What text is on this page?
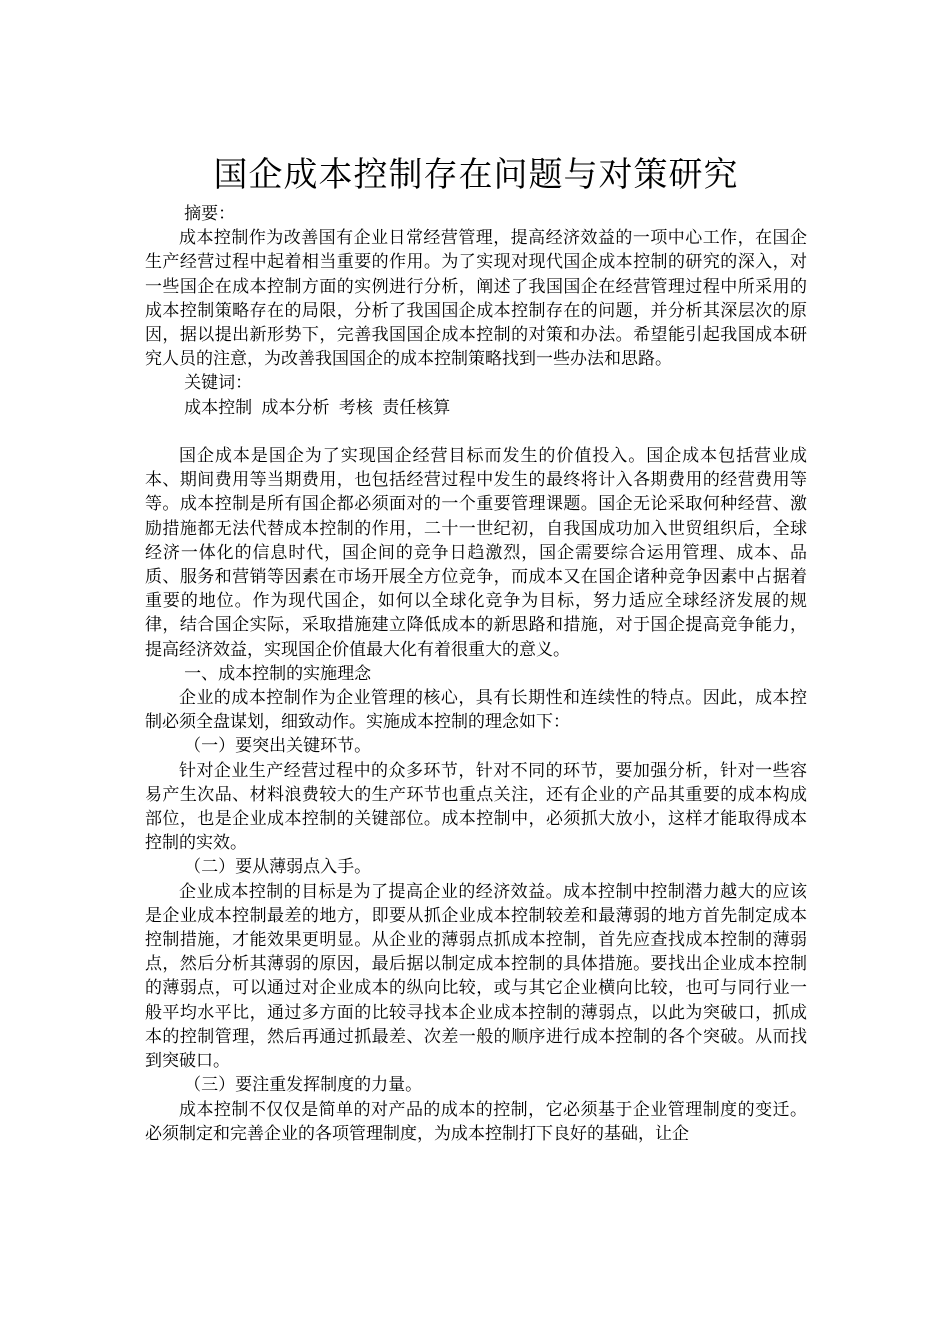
国企成本控制存在问题与对策研究

摘要：

成本控制作为改善国有企业日常经营管理，提高经济效益的一项中心工作，在国企生产经营过程中起着相当重要的作用。为了实现对现代国企成本控制的研究的深入，对一些国企在成本控制方面的实例进行分析，阐述了我国国企在经营管理过程中所采用的成本控制策略存在的局限，分析了我国国企成本控制存在的问题，并分析其深层次的原因，据以提出新形势下，完善我国国企成本控制的对策和办法。希望能引起我国成本研究人员的注意，为改善我国国企的成本控制策略找到一些办法和思路。

关键词：

成本控制 成本分析 考核 责任核算

国企成本是国企为了实现国企经营目标而发生的价值投入。国企成本包括营业成本、期间费用等当期费用，也包括经营过程中发生的最终将计入各期费用的经营费用等等。成本控制是所有国企都必须面对的一个重要管理课题。国企无论采取何种经营、激励措施都无法代替成本控制的作用，二十一世纪初，自我国成功加入世贸组织后，全球经济一体化的信息时代，国企间的竞争日趋激烈，国企需要综合运用管理、成本、品质、服务和营销等因素在市场开展全方位竞争，而成本又在国企诸种竞争因素中占据着重要的地位。作为现代国企，如何以全球化竞争为目标，努力适应全球经济发展的规律，结合国企实际，采取措施建立降低成本的新思路和措施，对于国企提高竞争能力，提高经济效益，实现国企价值最大化有着很重大的意义。

一、成本控制的实施理念

企业的成本控制作为企业管理的核心，具有长期性和连续性的特点。因此，成本控制必须全盘谋划，细致动作。实施成本控制的理念如下：

（一）要突出关键环节。

针对企业生产经营过程中的众多环节，针对不同的环节，要加强分析，针对一些容易产生次品、材料浪费较大的生产环节也重点关注，还有企业的产品其重要的成本构成部位，也是企业成本控制的关键部位。成本控制中，必须抓大放小，这样才能取得成本控制的实效。

（二）要从薄弱点入手。

企业成本控制的目标是为了提高企业的经济效益。成本控制中控制潜力越大的应该是企业成本控制最差的地方，即要从抓企业成本控制较差和最薄弱的地方首先制定成本控制措施，才能效果更明显。从企业的薄弱点抓成本控制，首先应查找成本控制的薄弱点，然后分析其薄弱的原因，最后据以制定成本控制的具体措施。要找出企业成本控制的薄弱点，可以通过对企业成本的纵向比较，或与其它企业横向比较，也可与同行业一般平均水平比，通过多方面的比较寻找本企业成本控制的薄弱点，以此为突破口，抓成本的控制管理，然后再通过抓最差、次差一般的顺序进行成本控制的各个突破。从而找到突破口。

（三）要注重发挥制度的力量。

成本控制不仅仅是简单的对产品的成本的控制，它必须基于企业管理制度的变迁。必须制定和完善企业的各项管理制度，为成本控制打下良好的基础，让企
